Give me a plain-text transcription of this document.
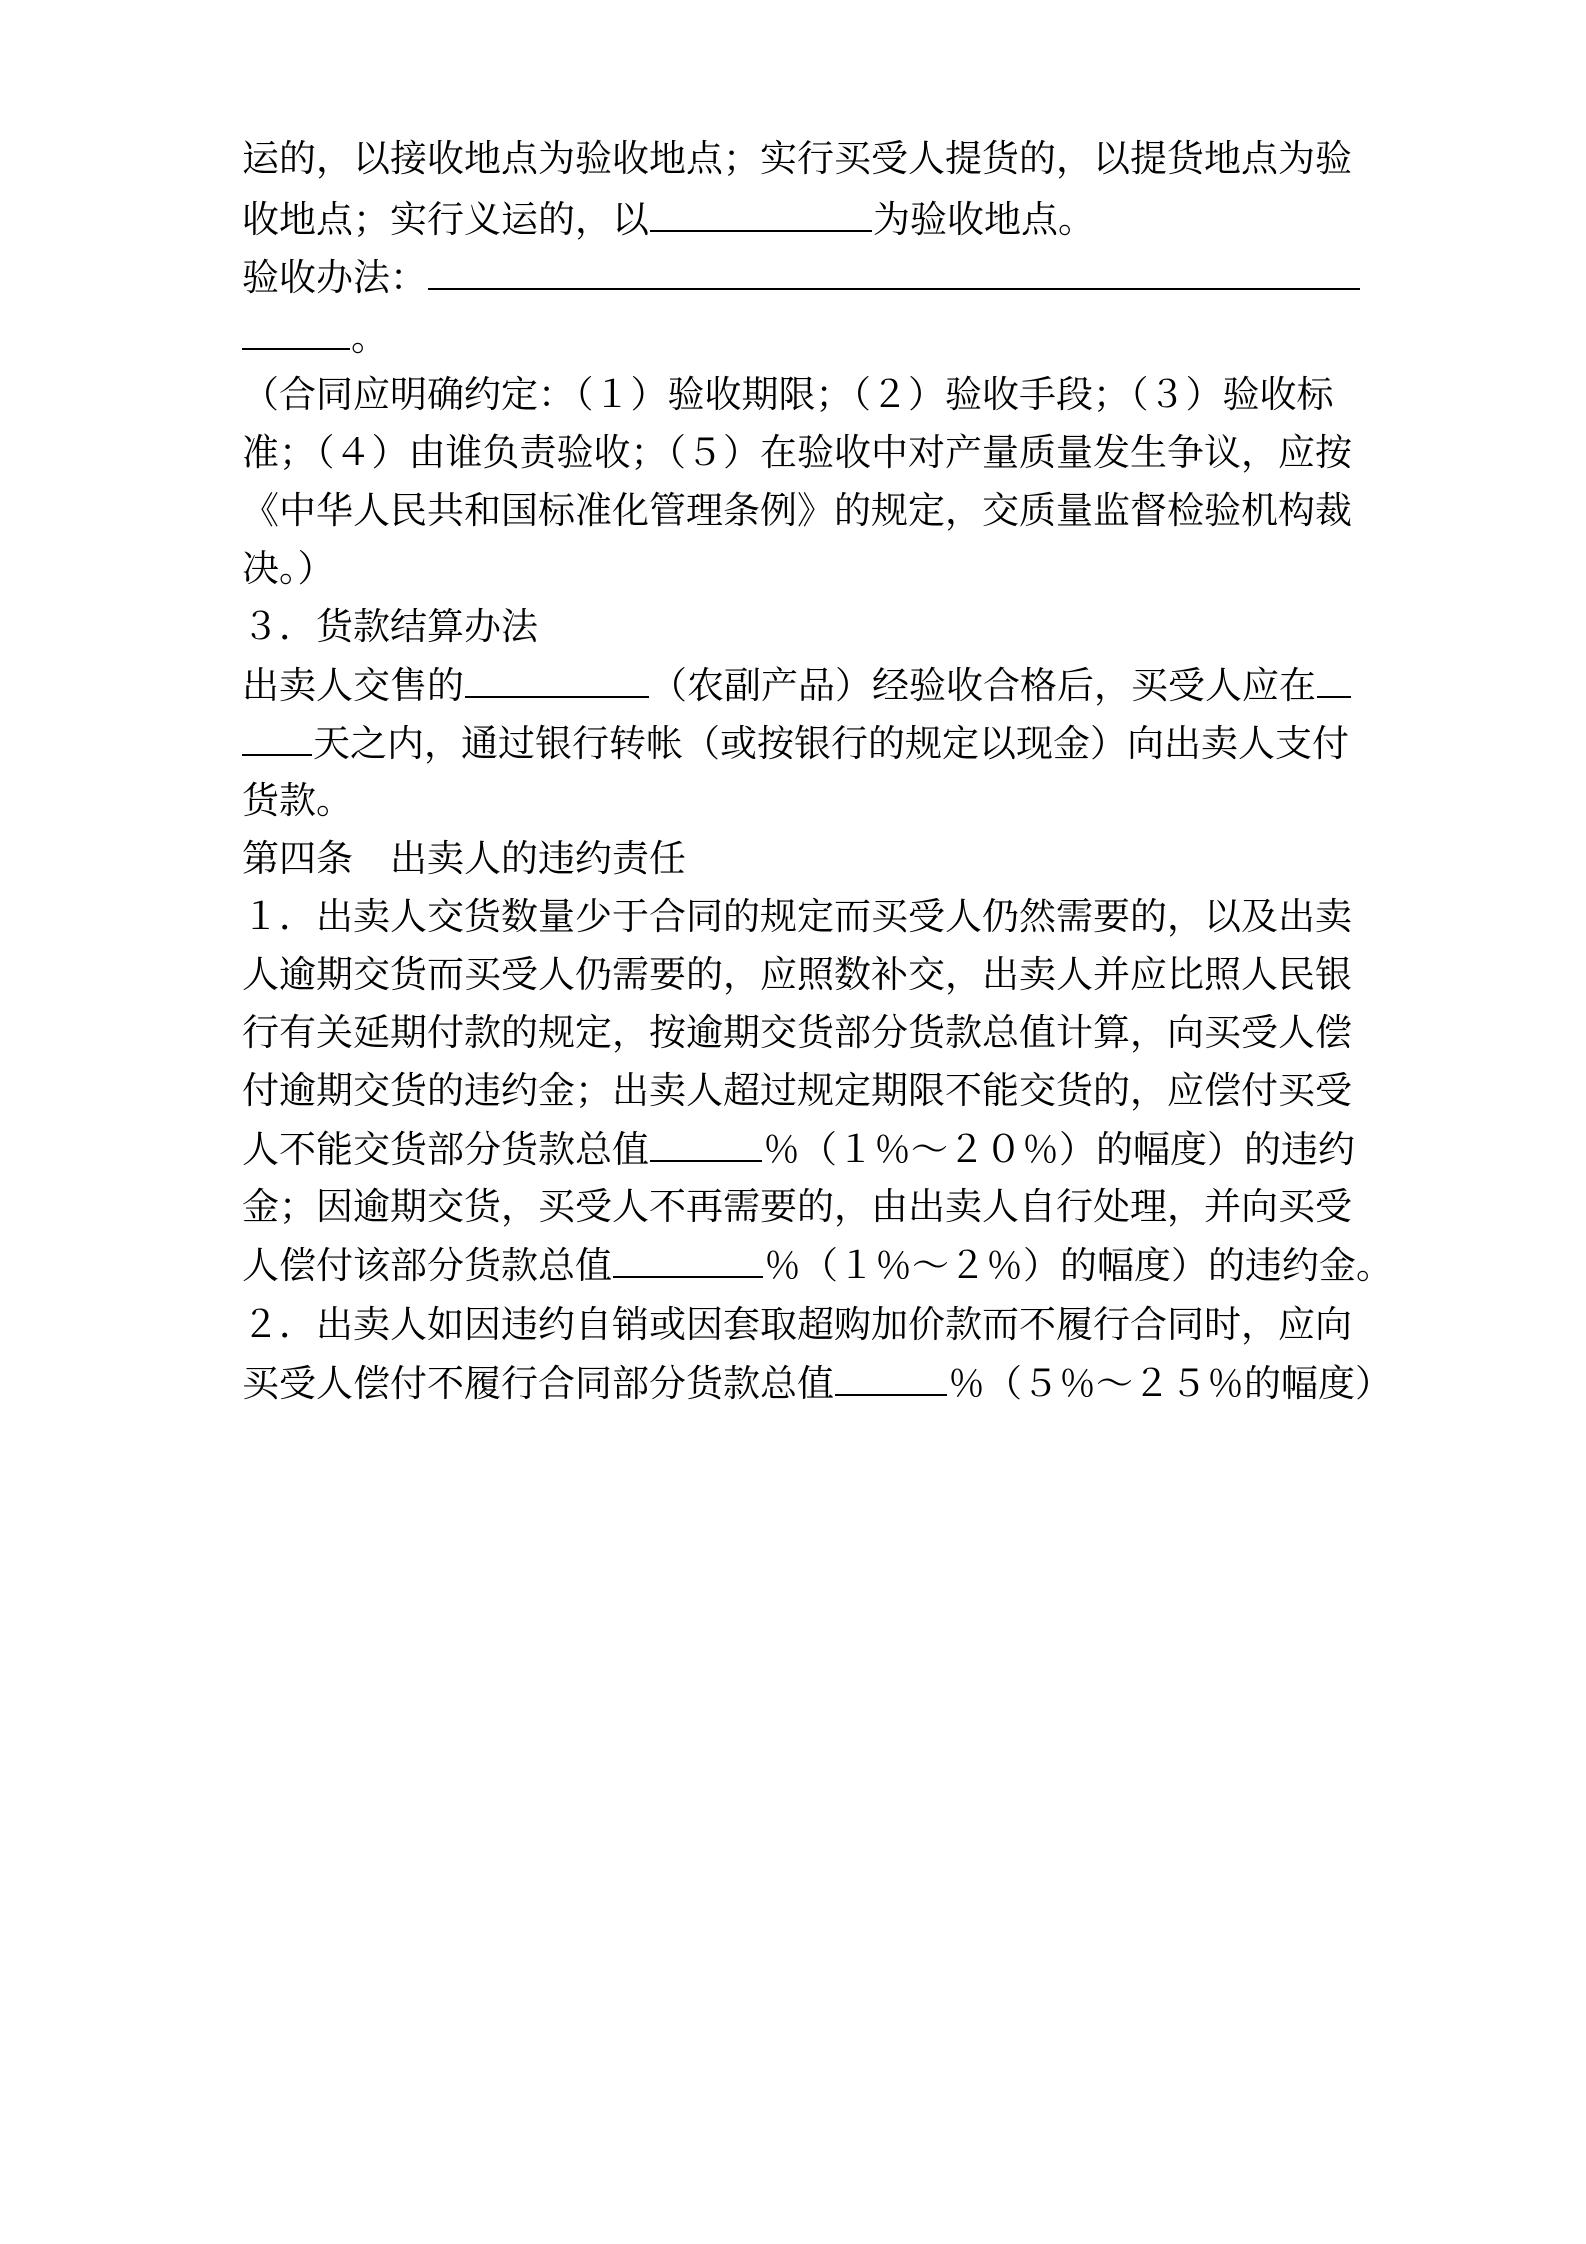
运的，以接收地点为验收地点；实行买受人提货的，以提货地点为验
收地点；实行义运的，以	为验收地点。
验收办法：
。
（合同应明确约定：（１）验收期限；（２）验收手段；（３）验收标
准；（４）由谁负责验收；（５）在验收中对产量质量发生争议，应按
《中华人民共和国标准化管理条例》的规定，交质量监督检验机构裁
决。）
３．货款结算办法
出卖人交售的	（农副产品）经验收合格后，买受人应在
天之内，通过银行转帐（或按银行的规定以现金）向出卖人支付
货款。
第四条　出卖人的违约责任
１．出卖人交货数量少于合同的规定而买受人仍然需要的，以及出卖
人逾期交货而买受人仍需要的，应照数补交，出卖人并应比照人民银
行有关延期付款的规定，按逾期交货部分货款总值计算，向买受人偿
付逾期交货的违约金；出卖人超过规定期限不能交货的，应偿付买受
人不能交货部分货款总值	％（１％～２０％）的幅度）的违约
金；因逾期交货，买受人不再需要的，由出卖人自行处理，并向买受
人偿付该部分货款总值	％（１％～２％）的幅度）的违约金。
２．出卖人如因违约自销或因套取超购加价款而不履行合同时，应向
买受人偿付不履行合同部分货款总值	％（５％～２５％的幅度）
